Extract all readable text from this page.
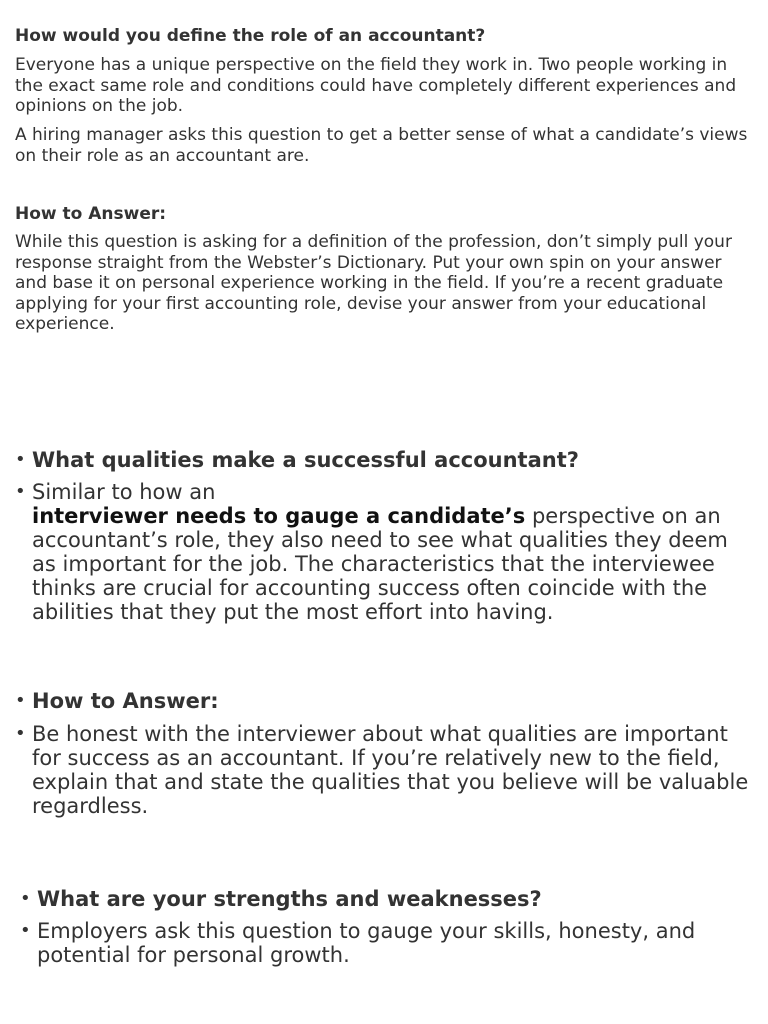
How would you define the role of an accountant?
Everyone has a unique perspective on the field they work in. Two people working in the exact same role and conditions could have completely different experiences and opinions on the job.
A hiring manager asks this question to get a better sense of what a candidate’s views on their role as an accountant are.
How to Answer:
While this question is asking for a definition of the profession, don’t simply pull your response straight from the Webster’s Dictionary. Put your own spin on your answer and base it on personal experience working in the field. If you’re a recent graduate applying for your first accounting role, devise your answer from your educational experience.
• What qualities make a successful accountant?
• Similar to how an
interviewer needs to gauge a candidate’s perspective on an accountant’s role, they also need to see what qualities they deem as important for the job. The characteristics that the interviewee thinks are crucial for accounting success often coincide with the abilities that they put the most effort into having.
• How to Answer:
• Be honest with the interviewer about what qualities are important for success as an accountant. If you’re relatively new to the field, explain that and state the qualities that you believe will be valuable regardless.
• What are your strengths and weaknesses?
• Employers ask this question to gauge your skills, honesty, and potential for personal growth.
